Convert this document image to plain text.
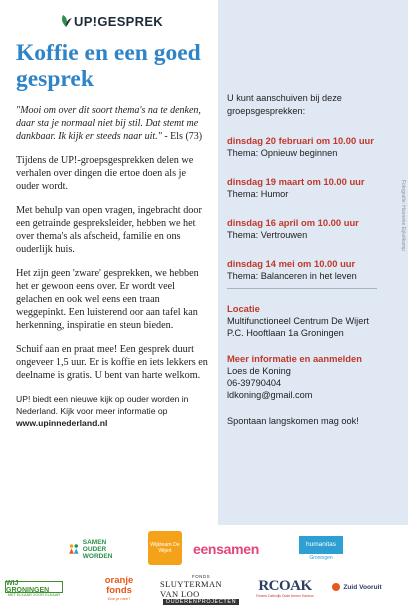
UP!GESPREK
Koffie en een goed gesprek

"Mooi om over dit soort thema's na te denken, daar sta je normaal niet bij stil. Dat stemt me dankbaar. Ik kijk er steeds naar uit." - Els (73)

Tijdens de UP!-groepsgesprekken delen we verhalen over dingen die ertoe doen als je ouder wordt.

Met behulp van open vragen, ingebracht door een getrainde gespreksleider, hebben we het over thema's als afscheid, familie en ons ouderlijk huis.

Het zijn geen 'zware' gesprekken, we hebben het er gewoon eens over. Er wordt veel gelachen en ook wel eens een traan weggepinkt. Een luisterend oor aan tafel kan herkenning, inspiratie en steun bieden.

Schuif aan en praat mee! Een gesprek duurt ongeveer 1,5 uur. Er is koffie en iets lekkers en deelname is gratis. U bent van harte welkom.

UP! biedt een nieuwe kijk op ouder worden in Nederland. Kijk voor meer informatie op www.upinnederland.nl

U kunt aanschuiven bij deze groepsgesprekken:

dinsdag 20 februari om 10.00 uur
Thema: Opnieuw beginnen
dinsdag 19 maart om 10.00 uur
Thema: Humor
dinsdag 16 april om 10.00 uur
Thema: Vertrouwen
dinsdag 14 mei om 10.00 uur
Thema: Balanceren in het leven
Locatie
Multifunctioneel Centrum De Wijert
P.C. Hooftlaan 1a Groningen
Meer informatie en aanmelden
Loes de Koning
06-39790404
ldkoning@gmail.com

Spontaan langskomen mag ook!

Fotografie: Hanneke Eijkelkamp
SAMEN OUDER WORDEN
Wijkteam De Wijert	eensamen	humanitas
Groningen
WIJ GRONINGEN
MET ELKAAR VOOR ELKAAR
oranje fonds
Doe je mee?
FONDS
SLUYTERMAN VAN LOO
OUDERENPROJECTEN
RCOAK
Rooms Catholijk Oude Armen Kantoor
Zuid Vooruit
